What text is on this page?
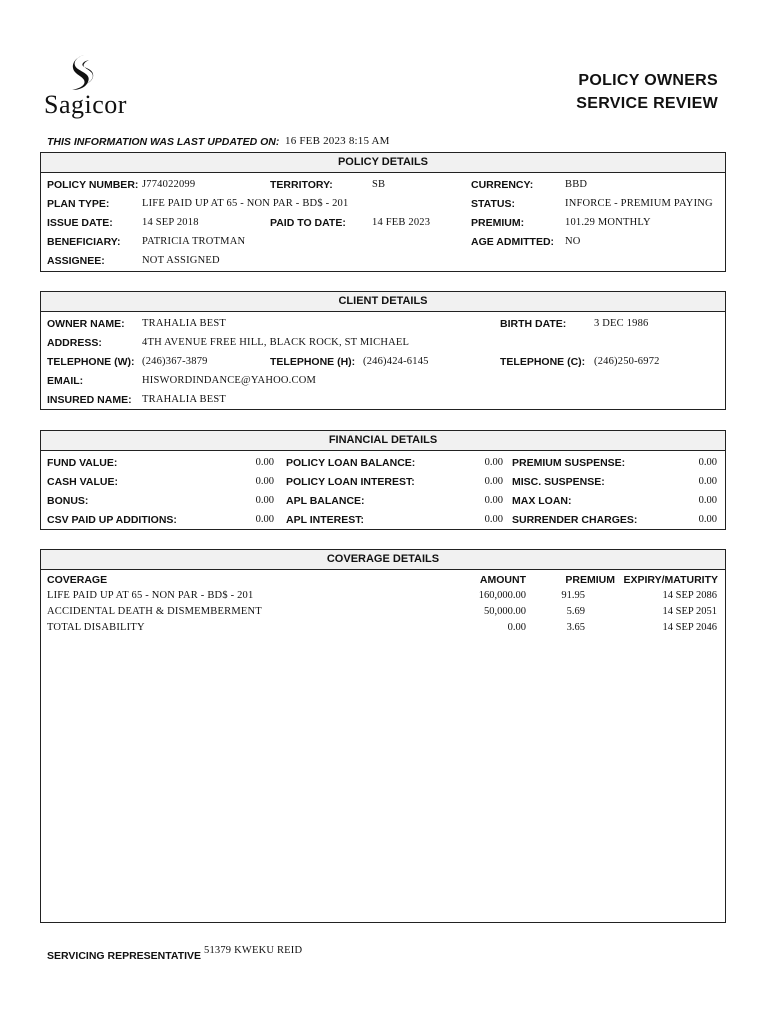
Sagicor
POLICY OWNERS
SERVICE REVIEW
THIS INFORMATION WAS LAST UPDATED ON: 16 FEB 2023 8:15 AM
POLICY DETAILS
POLICY NUMBER: J774022099	TERRITORY:	SB	CURRENCY:	BBD
PLAN TYPE:	LIFE PAID UP AT 65 - NON PAR - BD$ - 201	STATUS:	INFORCE - PREMIUM PAYING
ISSUE DATE:	14 SEP 2018	PAID TO DATE: 14 FEB 2023	PREMIUM:	101.29 MONTHLY
BENEFICIARY: PATRICIA TROTMAN	AGE ADMITTED: NO
ASSIGNEE:	NOT ASSIGNED
CLIENT DETAILS
OWNER NAME: TRAHALIA BEST	BIRTH DATE:	3 DEC 1986
ADDRESS:	4TH AVENUE FREE HILL, BLACK ROCK, ST MICHAEL
TELEPHONE (W): (246)367-3879	TELEPHONE (H): (246)424-6145	TELEPHONE (C): (246)250-6972
EMAIL:	HISWORDINDANCE@YAHOO.COM
INSURED NAME: TRAHALIA BEST
FINANCIAL DETAILS
FUND VALUE:	0.00 POLICY LOAN BALANCE:	0.00 PREMIUM SUSPENSE:	0.00
CASH VALUE:	0.00 POLICY LOAN INTEREST:	0.00 MISC. SUSPENSE:	0.00
BONUS:	0.00 APL BALANCE:	0.00 MAX LOAN:	0.00
CSV PAID UP ADDITIONS:	0.00 APL INTEREST:	0.00 SURRENDER CHARGES:	0.00
COVERAGE DETAILS
COVERAGE	AMOUNT	PREMIUM EXPIRY/MATURITY
LIFE PAID UP AT 65 - NON PAR - BD$ - 201	160,000.00	91.95	14 SEP 2086
ACCIDENTAL DEATH & DISMEMBERMENT	50,000.00	5.69	14 SEP 2051
TOTAL DISABILITY	0.00	3.65	14 SEP 2046
SERVICING REPRESENTATIVE 51379 KWEKU REID
